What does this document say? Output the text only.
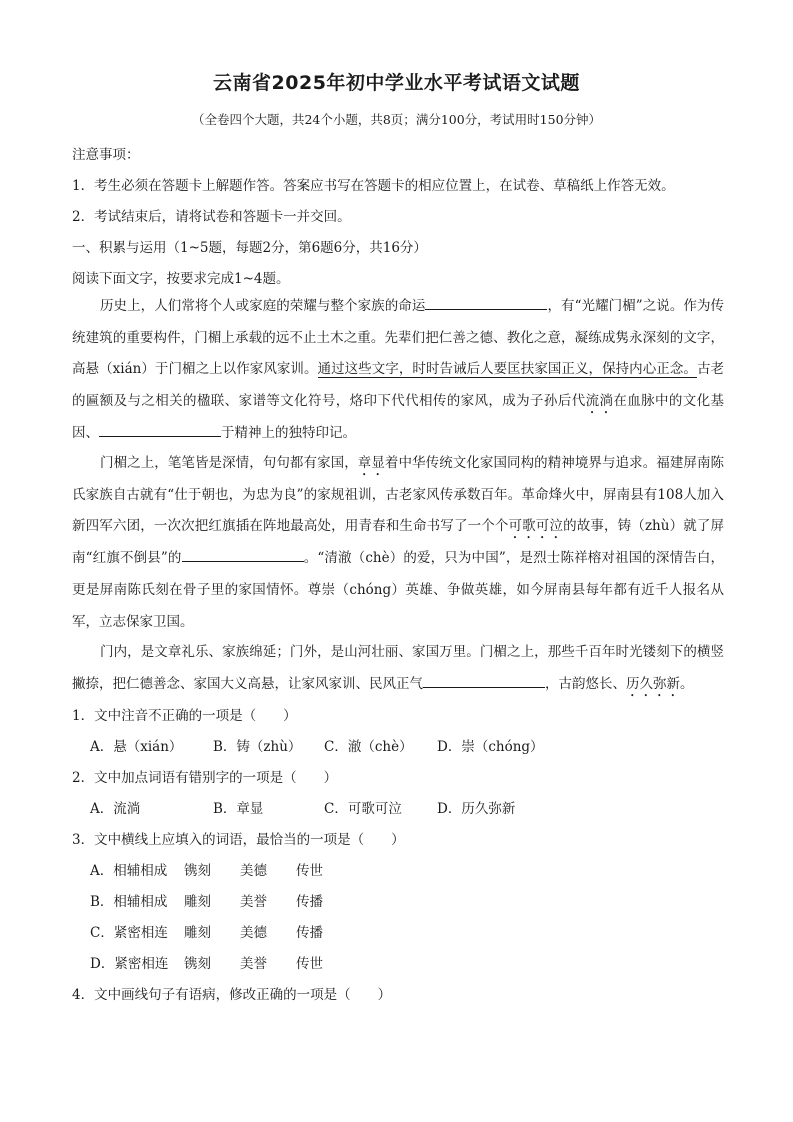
云南省2025年初中学业水平考试语文试题
（全卷四个大题，共24个小题，共8页；满分100分，考试用时150分钟）
注意事项：
1．考生必须在答题卡上解题作答。答案应书写在答题卡的相应位置上，在试卷、草稿纸上作答无效。
2．考试结束后，请将试卷和答题卡一并交回。
一、积累与运用（1~5题，每题2分，第6题6分，共16分）
阅读下面文字，按要求完成1~4题。
历史上，人们常将个人或家庭的荣耀与整个家族的命运	，有“光耀门楣”之说。作为传统建筑的重要构件，门楣上承载的远不止土木之重。先辈们把仁善之德、教化之意，凝练成隽永深刻的文字，高悬（xián）于门楣之上以作家风家训。通过这些文字，时时告诫后人要匡扶家国正义，保持内心正念。古老的匾额及与之相关的楹联、家谱等文化符号，烙印下代代相传的家风，成为子孙后代流淌在血脉中的文化基因、	于精神上的独特印记。
门楣之上，笔笔皆是深情，句句都有家国，章显着中华传统文化家国同构的精神境界与追求。福建屏南陈氏家族自古就有“仕于朝也，为忠为良”的家规祖训，古老家风传承数百年。革命烽火中，屏南县有108人加入新四军六团，一次次把红旗插在阵地最高处，用青春和生命书写了一个个可歌可泣的故事，铸（zhù）就了屏南“红旗不倒县”的	。“清澈（chè）的爱，只为中国”，是烈士陈祥榕对祖国的深情告白，更是屏南陈氏刻在骨子里的家国情怀。尊崇（chóng）英雄、争做英雄，如今屏南县每年都有近千人报名从军，立志保家卫国。
门内，是文章礼乐、家族绵延；门外，是山河壮丽、家国万里。门楣之上，那些千百年时光镂刻下的横竖撇捺，把仁德善念、家国大义高悬，让家风家训、民风正气	，古韵悠长、历久弥新。
1．文中注音不正确的一项是（　　）
A．悬（xián） B．铸（zhù） C．澈（chè） D．崇（chóng）
2．文中加点词语有错别字的一项是（　　）
A．流淌	B．章显	C．可歌可泣	D．历久弥新
3．文中横线上应填入的词语，最恰当的一项是（　　）
A．相辅相成 镌刻 美德 传世
B．相辅相成 雕刻 美誉 传播
C．紧密相连 雕刻 美德 传播
D．紧密相连 镌刻 美誉 传世
4．文中画线句子有语病，修改正确的一项是（　　）
